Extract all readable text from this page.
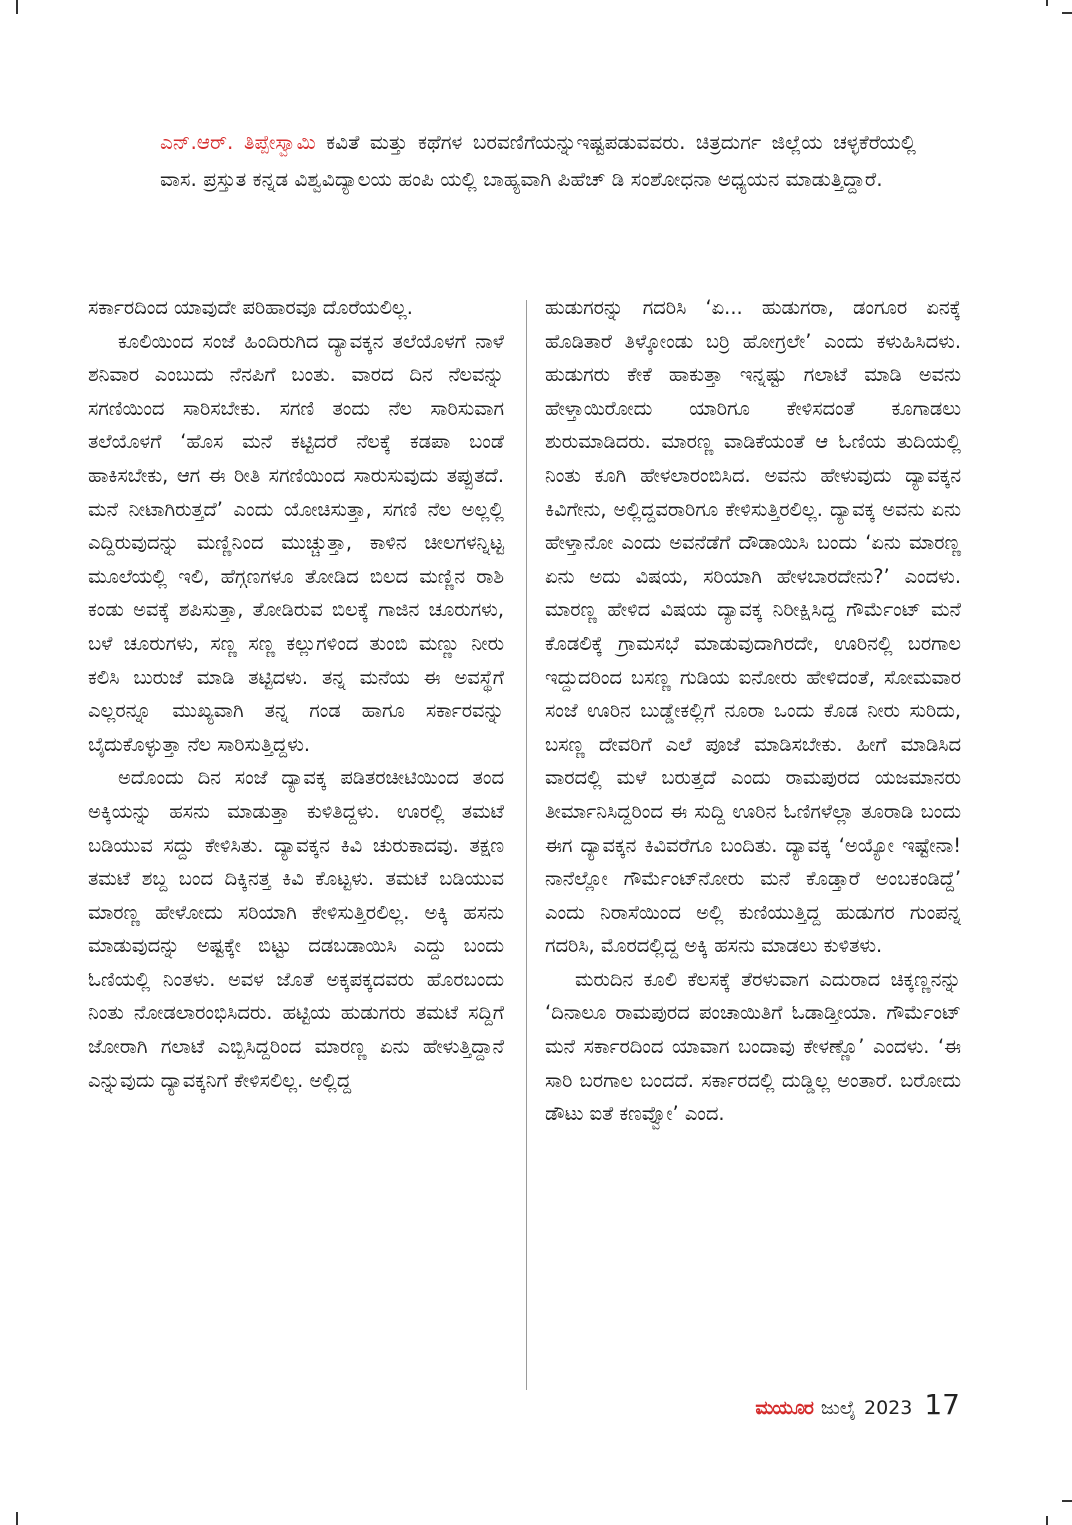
ಎನ್.ಆರ್. ತಿಪ್ಪೇಸ್ವಾಮಿ ಕವಿತೆ ಮತ್ತು ಕಥೆಗಳ ಬರವಣಿಗೆಯನ್ನುಇಷ್ಟಪಡುವವರು. ಚಿತ್ರದುರ್ಗ ಜಿಲ್ಲೆಯ ಚಳ್ಳಕೆರೆಯಲ್ಲಿ ವಾಸ. ಪ್ರಸ್ತುತ ಕನ್ನಡ ವಿಶ್ವವಿದ್ಯಾಲಯ ಹಂಪಿ ಯಲ್ಲಿ ಬಾಹ್ಯವಾಗಿ ಪಿಹೆಚ್ ಡಿ ಸಂಶೋಧನಾ ಅಧ್ಯಯನ ಮಾಡುತ್ತಿದ್ದಾರೆ.

ಸರ್ಕಾರದಿಂದ ಯಾವುದೇ ಪರಿಹಾರವೂ ದೊರೆಯಲಿಲ್ಲ.

ಕೂಲಿಯಿಂದ ಸಂಜೆ ಹಿಂದಿರುಗಿದ ದ್ಯಾವಕ್ಕನ ತಲೆಯೊಳಗೆ ನಾಳೆ ಶನಿವಾರ ಎಂಬುದು ನೆನಪಿಗೆ ಬಂತು. ವಾರದ ದಿನ ನೆಲವನ್ನು ಸಗಣಿಯಿಂದ ಸಾರಿಸಬೇಕು. ಸಗಣಿ ತಂದು ನೆಲ ಸಾರಿಸುವಾಗ ತಲೆಯೊಳಗೆ ‘ಹೊಸ ಮನೆ ಕಟ್ಟಿದರೆ ನೆಲಕ್ಕೆ ಕಡಪಾ ಬಂಡೆ ಹಾಕಿಸಬೇಕು, ಆಗ ಈ ರೀತಿ ಸಗಣಿಯಿಂದ ಸಾರುಸುವುದು ತಪ್ಪುತದೆ. ಮನೆ ನೀಟಾಗಿರುತ್ತದೆ’ ಎಂದು ಯೋಚಿಸುತ್ತಾ, ಸಗಣಿ ನೆಲ ಅಲ್ಲಲ್ಲಿ ಎದ್ದಿರುವುದನ್ನು ಮಣ್ಣಿನಿಂದ ಮುಚ್ಚುತ್ತಾ, ಕಾಳಿನ ಚೀಲಗಳನ್ನಿಟ್ಟ ಮೂಲೆಯಲ್ಲಿ ಇಲಿ, ಹೆಗ್ಗಣಗಳೂ ತೋಡಿದ ಬಿಲದ ಮಣ್ಣಿನ ರಾಶಿ ಕಂಡು ಅವಕ್ಕೆ ಶಪಿಸುತ್ತಾ, ತೋಡಿರುವ ಬಿಲಕ್ಕೆ ಗಾಜಿನ ಚೂರುಗಳು, ಬಳೆ ಚೂರುಗಳು, ಸಣ್ಣ ಸಣ್ಣ ಕಲ್ಲುಗಳಿಂದ ತುಂಬಿ ಮಣ್ಣು ನೀರು ಕಲಿಸಿ ಬುರುಜೆ ಮಾಡಿ ತಟ್ಟಿದಳು. ತನ್ನ ಮನೆಯ ಈ ಅವಸ್ಥೆಗೆ ಎಲ್ಲರನ್ನೂ ಮುಖ್ಯವಾಗಿ ತನ್ನ ಗಂಡ ಹಾಗೂ ಸರ್ಕಾರವನ್ನು ಬೈದುಕೊಳ್ಳುತ್ತಾ ನೆಲ ಸಾರಿಸುತ್ತಿದ್ದಳು.

ಅದೊಂದು ದಿನ ಸಂಜೆ ದ್ಯಾವಕ್ಕ ಪಡಿತರಚೀಟಿಯಿಂದ ತಂದ ಅಕ್ಕಿಯನ್ನು ಹಸನು ಮಾಡುತ್ತಾ ಕುಳಿತಿದ್ದಳು. ಊರಲ್ಲಿ ತಮಟೆ ಬಡಿಯುವ ಸದ್ದು ಕೇಳಿಸಿತು. ದ್ಯಾವಕ್ಕನ ಕಿವಿ ಚುರುಕಾದವು. ತಕ್ಷಣ ತಮಟೆ ಶಬ್ದ ಬಂದ ದಿಕ್ಕಿನತ್ತ ಕಿವಿ ಕೊಟ್ಟಳು. ತಮಟೆ ಬಡಿಯುವ ಮಾರಣ್ಣ ಹೇಳೋದು ಸರಿಯಾಗಿ ಕೇಳಿಸುತ್ತಿರಲಿಲ್ಲ. ಅಕ್ಕಿ ಹಸನು ಮಾಡುವುದನ್ನು ಅಷ್ಟಕ್ಕೇ ಬಿಟ್ಟು ದಡಬಡಾಯಿಸಿ ಎದ್ದು ಬಂದು ಓಣಿಯಲ್ಲಿ ನಿಂತಳು. ಅವಳ ಜೊತೆ ಅಕ್ಕಪಕ್ಕದವರು ಹೊರಬಂದು ನಿಂತು ನೋಡಲಾರಂಭಿಸಿದರು. ಹಟ್ಟಿಯ ಹುಡುಗರು ತಮಟೆ ಸದ್ದಿಗೆ ಜೋರಾಗಿ ಗಲಾಟೆ ಎಬ್ಬಿಸಿದ್ದರಿಂದ ಮಾರಣ್ಣ ಏನು ಹೇಳುತ್ತಿದ್ದಾನೆ ಎನ್ನುವುದು ದ್ಯಾವಕ್ಕನಿಗೆ ಕೇಳಿಸಲಿಲ್ಲ. ಅಲ್ಲಿದ್ದ

ಹುಡುಗರನ್ನು ಗದರಿಸಿ ‘ಏ... ಹುಡುಗರಾ, ಡಂಗೂರ ಏನಕ್ಕೆ ಹೊಡಿತಾರೆ ತಿಳ್ಕೋಂಡು ಬರ್ರಿ ಹೋಗ್ರಲೇ’ ಎಂದು ಕಳುಹಿಸಿದಳು. ಹುಡುಗರು ಕೇಕೆ ಹಾಕುತ್ತಾ ಇನ್ನಷ್ಟು ಗಲಾಟೆ ಮಾಡಿ ಅವನು ಹೇಳ್ತಾಯಿರೋದು ಯಾರಿಗೂ ಕೇಳಿಸದಂತೆ ಕೂಗಾಡಲು ಶುರುಮಾಡಿದರು. ಮಾರಣ್ಣ ವಾಡಿಕೆಯಂತೆ ಆ ಓಣಿಯ ತುದಿಯಲ್ಲಿ ನಿಂತು ಕೂಗಿ ಹೇಳಲಾರಂಬಿಸಿದ. ಅವನು ಹೇಳುವುದು ದ್ಯಾವಕ್ಕನ ಕಿವಿಗೇನು, ಅಲ್ಲಿದ್ದವರಾರಿಗೂ ಕೇಳಿಸುತ್ತಿರಲಿಲ್ಲ. ದ್ಯಾವಕ್ಕ ಅವನು ಏನು ಹೇಳ್ತಾನೋ ಎಂದು ಅವನೆಡೆಗೆ ದೌಡಾಯಿಸಿ ಬಂದು ‘ಏನು ಮಾರಣ್ಣ ಏನು ಅದು ವಿಷಯ, ಸರಿಯಾಗಿ ಹೇಳಬಾರದೇನು?’ ಎಂದಳು. ಮಾರಣ್ಣ ಹೇಳಿದ ವಿಷಯ ದ್ಯಾವಕ್ಕ ನಿರೀಕ್ಷಿಸಿದ್ದ ಗೌರ್ಮೆಂಟ್ ಮನೆ ಕೊಡಲಿಕ್ಕೆ ಗ್ರಾಮಸಭೆ ಮಾಡುವುದಾಗಿರದೇ, ಊರಿನಲ್ಲಿ ಬರಗಾಲ ಇದ್ದುದರಿಂದ ಬಸಣ್ಣ ಗುಡಿಯ ಐನೋರು ಹೇಳಿದಂತೆ, ಸೋಮವಾರ ಸಂಜೆ ಊರಿನ ಬುಡ್ಡೇಕಲ್ಲಿಗೆ ನೂರಾ ಒಂದು ಕೊಡ ನೀರು ಸುರಿದು, ಬಸಣ್ಣ ದೇವರಿಗೆ ಎಲೆ ಪೂಜೆ ಮಾಡಿಸಬೇಕು. ಹೀಗೆ ಮಾಡಿಸಿದ ವಾರದಲ್ಲಿ ಮಳೆ ಬರುತ್ತದೆ ಎಂದು ರಾಮಪುರದ ಯಜಮಾನರು ತೀರ್ಮಾನಿಸಿದ್ದರಿಂದ ಈ ಸುದ್ದಿ ಊರಿನ ಓಣಿಗಳೆಲ್ಲಾ ತೂರಾಡಿ ಬಂದು ಈಗ ದ್ಯಾವಕ್ಕನ ಕಿವಿವರೆಗೂ ಬಂದಿತು. ದ್ಯಾವಕ್ಕ ‘ಅಯ್ಯೋ ಇಷ್ಟೇನಾ! ನಾನೆಲ್ಲೋ ಗೌರ್ಮೆಂಟ್‌ನೋರು ಮನೆ ಕೊಡ್ತಾರೆ ಅಂಬಕಂಡಿದ್ದೆ’ ಎಂದು ನಿರಾಸೆಯಿಂದ ಅಲ್ಲಿ ಕುಣಿಯುತ್ತಿದ್ದ ಹುಡುಗರ ಗುಂಪನ್ನ ಗದರಿಸಿ, ಮೊರದಲ್ಲಿದ್ದ ಅಕ್ಕಿ ಹಸನು ಮಾಡಲು ಕುಳಿತಳು.

ಮರುದಿನ ಕೂಲಿ ಕೆಲಸಕ್ಕೆ ತೆರಳುವಾಗ ಎದುರಾದ ಚಿಕ್ಕಣ್ಣನನ್ನು ‘ದಿನಾಲೂ ರಾಮಪುರದ ಪಂಚಾಯಿತಿಗೆ ಓಡಾಡ್ತೀಯಾ. ಗೌರ್ಮೆಂಟ್ ಮನೆ ಸರ್ಕಾರದಿಂದ ಯಾವಾಗ ಬಂದಾವು ಕೇಳಣ್ಣೊ’ ಎಂದಳು. ‘ಈ ಸಾರಿ ಬರಗಾಲ ಬಂದದೆ. ಸರ್ಕಾರದಲ್ಲಿ ದುಡ್ಡಿಲ್ಲ ಅಂತಾರೆ. ಬರೋದು ಡೌಟು ಐತೆ ಕಣವ್ವೋ’ ಎಂದ.

ಮಯೂರ ಜುಲೈ 2023 17
